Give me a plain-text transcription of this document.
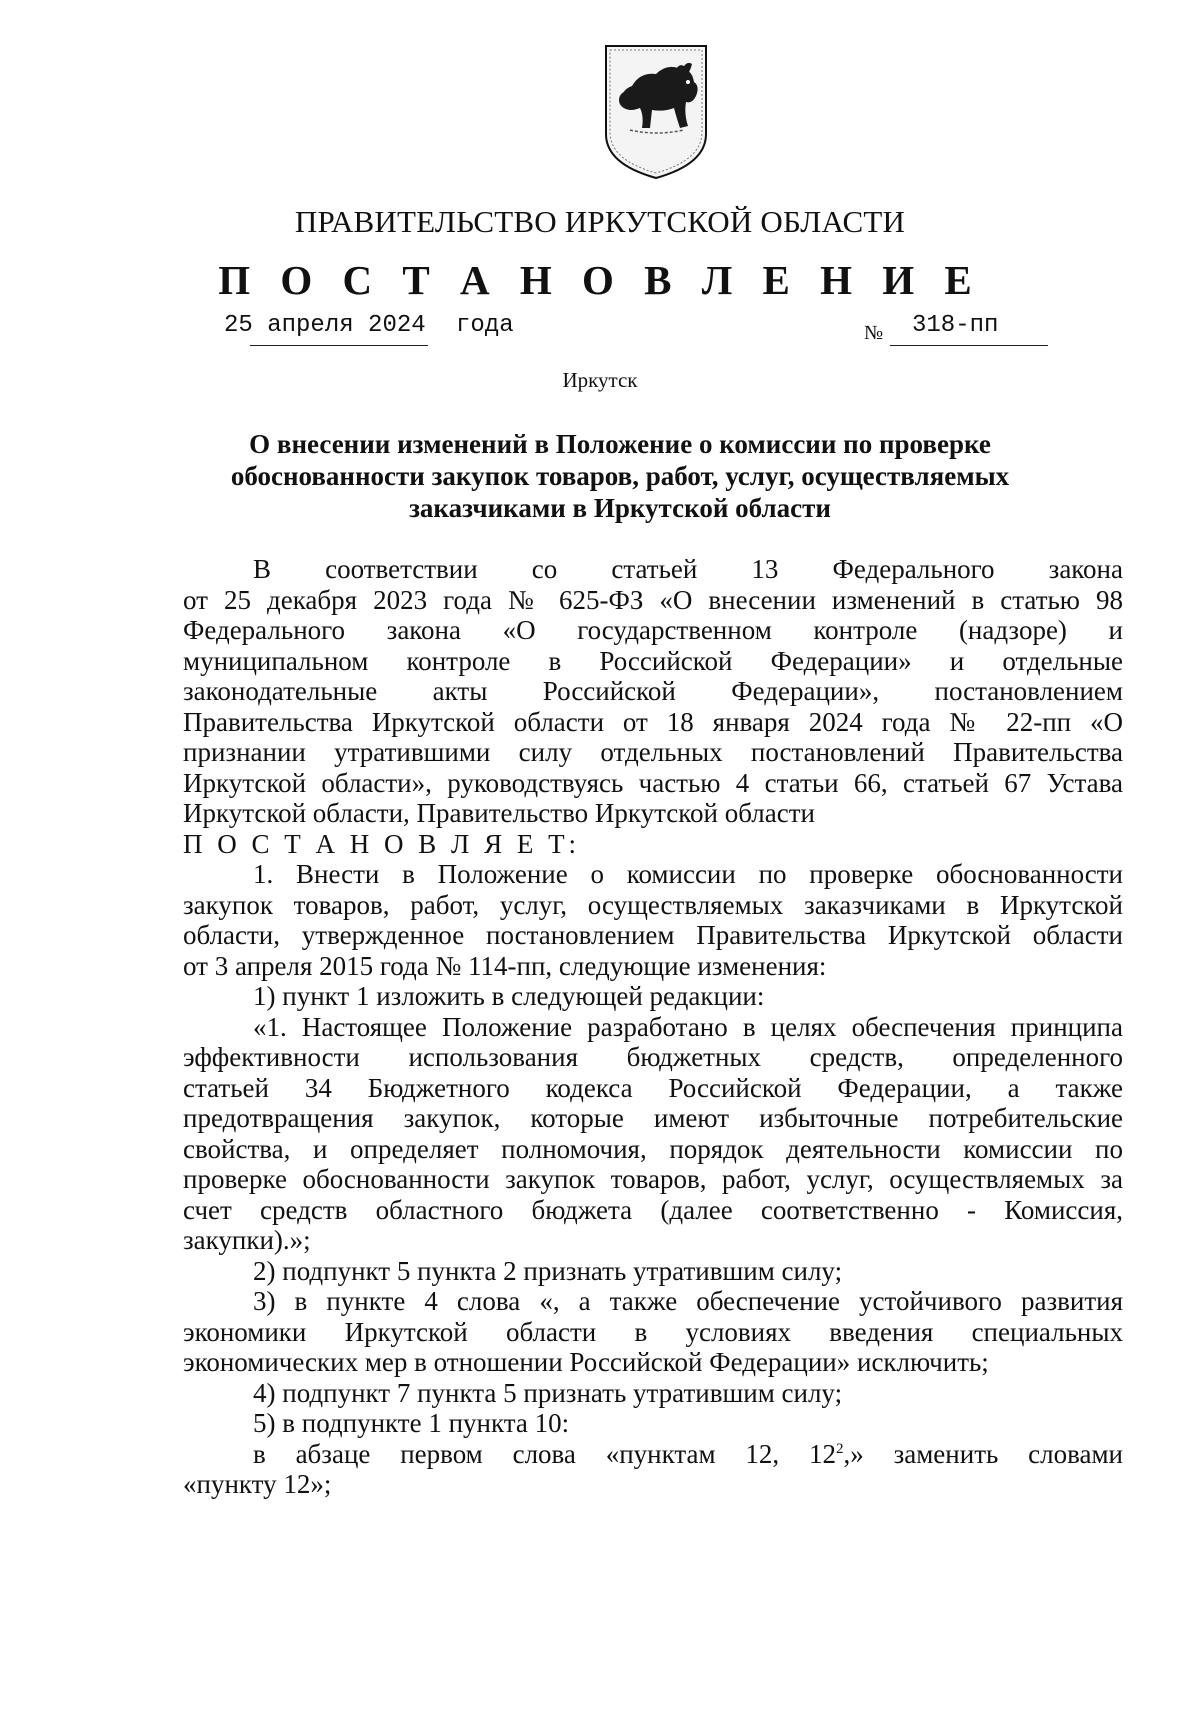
ПРАВИТЕЛЬСТВО ИРКУТСКОЙ ОБЛАСТИ
П О С Т А Н О В Л Е Н И Е
25 апреля 2024 года	№ 318-пп
Иркутск
О внесении изменений в Положение о комиссии по проверке
обоснованности закупок товаров, работ, услуг, осуществляемых
заказчиками в Иркутской области
В соответствии со статьей 13 Федерального закона
от 25 декабря 2023 года № 625-ФЗ «О внесении изменений в статью 98
Федерального закона «О государственном контроле (надзоре) и
муниципальном контроле в Российской Федерации» и отдельные
законодательные акты Российской Федерации», постановлением
Правительства Иркутской области от 18 января 2024 года № 22-пп «О
признании утратившими силу отдельных постановлений Правительства
Иркутской области», руководствуясь частью 4 статьи 66, статьей 67 Устава
Иркутской области, Правительство Иркутской области
П О С Т А Н О В Л Я Е Т:
1. Внести в Положение о комиссии по проверке обоснованности
закупок товаров, работ, услуг, осуществляемых заказчиками в Иркутской
области, утвержденное постановлением Правительства Иркутской области
от 3 апреля 2015 года № 114-пп, следующие изменения:
1) пункт 1 изложить в следующей редакции:
«1. Настоящее Положение разработано в целях обеспечения принципа
эффективности использования бюджетных средств, определенного
статьей 34 Бюджетного кодекса Российской Федерации, а также
предотвращения закупок, которые имеют избыточные потребительские
свойства, и определяет полномочия, порядок деятельности комиссии по
проверке обоснованности закупок товаров, работ, услуг, осуществляемых за
счет средств областного бюджета (далее соответственно - Комиссия,
закупки).»;
2) подпункт 5 пункта 2 признать утратившим силу;
3) в пункте 4 слова «, а также обеспечение устойчивого развития
экономики Иркутской области в условиях введения специальных
экономических мер в отношении Российской Федерации» исключить;
4) подпункт 7 пункта 5 признать утратившим силу;
5) в подпункте 1 пункта 10:
в абзаце первом слова «пунктам 12, $12^2$,» заменить словами
«пункту 12»;
